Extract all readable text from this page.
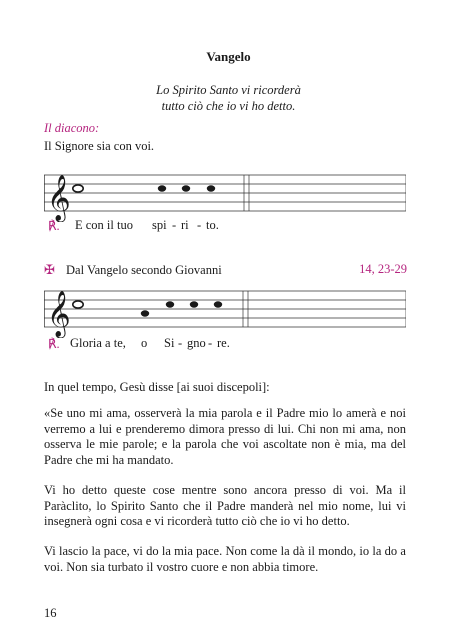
Vangelo
Lo Spirito Santo vi ricorderà
tutto ciò che io vi ho detto.
Il diacono:
Il Signore sia con voi.
𝄞
℟. E con il tuo spi - ri - to.
✠ Dal Vangelo secondo Giovanni	14, 23-29
𝄞
℟. Gloria a te, o Si - gno - re.

In quel tempo, Gesù disse [ai suoi discepoli]:

«Se uno mi ama, osserverà la mia parola e il Padre mio lo amerà e noi verremo a lui e prenderemo dimora presso di lui. Chi non mi ama, non osserva le mie parole; e la parola che voi ascoltate non è mia, ma del Padre che mi ha mandato.

Vi ho detto queste cose mentre sono ancora presso di voi. Ma il Paràclito, lo Spirito Santo che il Padre manderà nel mio nome, lui vi insegnerà ogni cosa e vi ricorderà tutto ciò che io vi ho detto.

Vi lascio la pace, vi do la mia pace. Non come la dà il mondo, io la do a voi. Non sia turbato il vostro cuore e non abbia timore.

16
